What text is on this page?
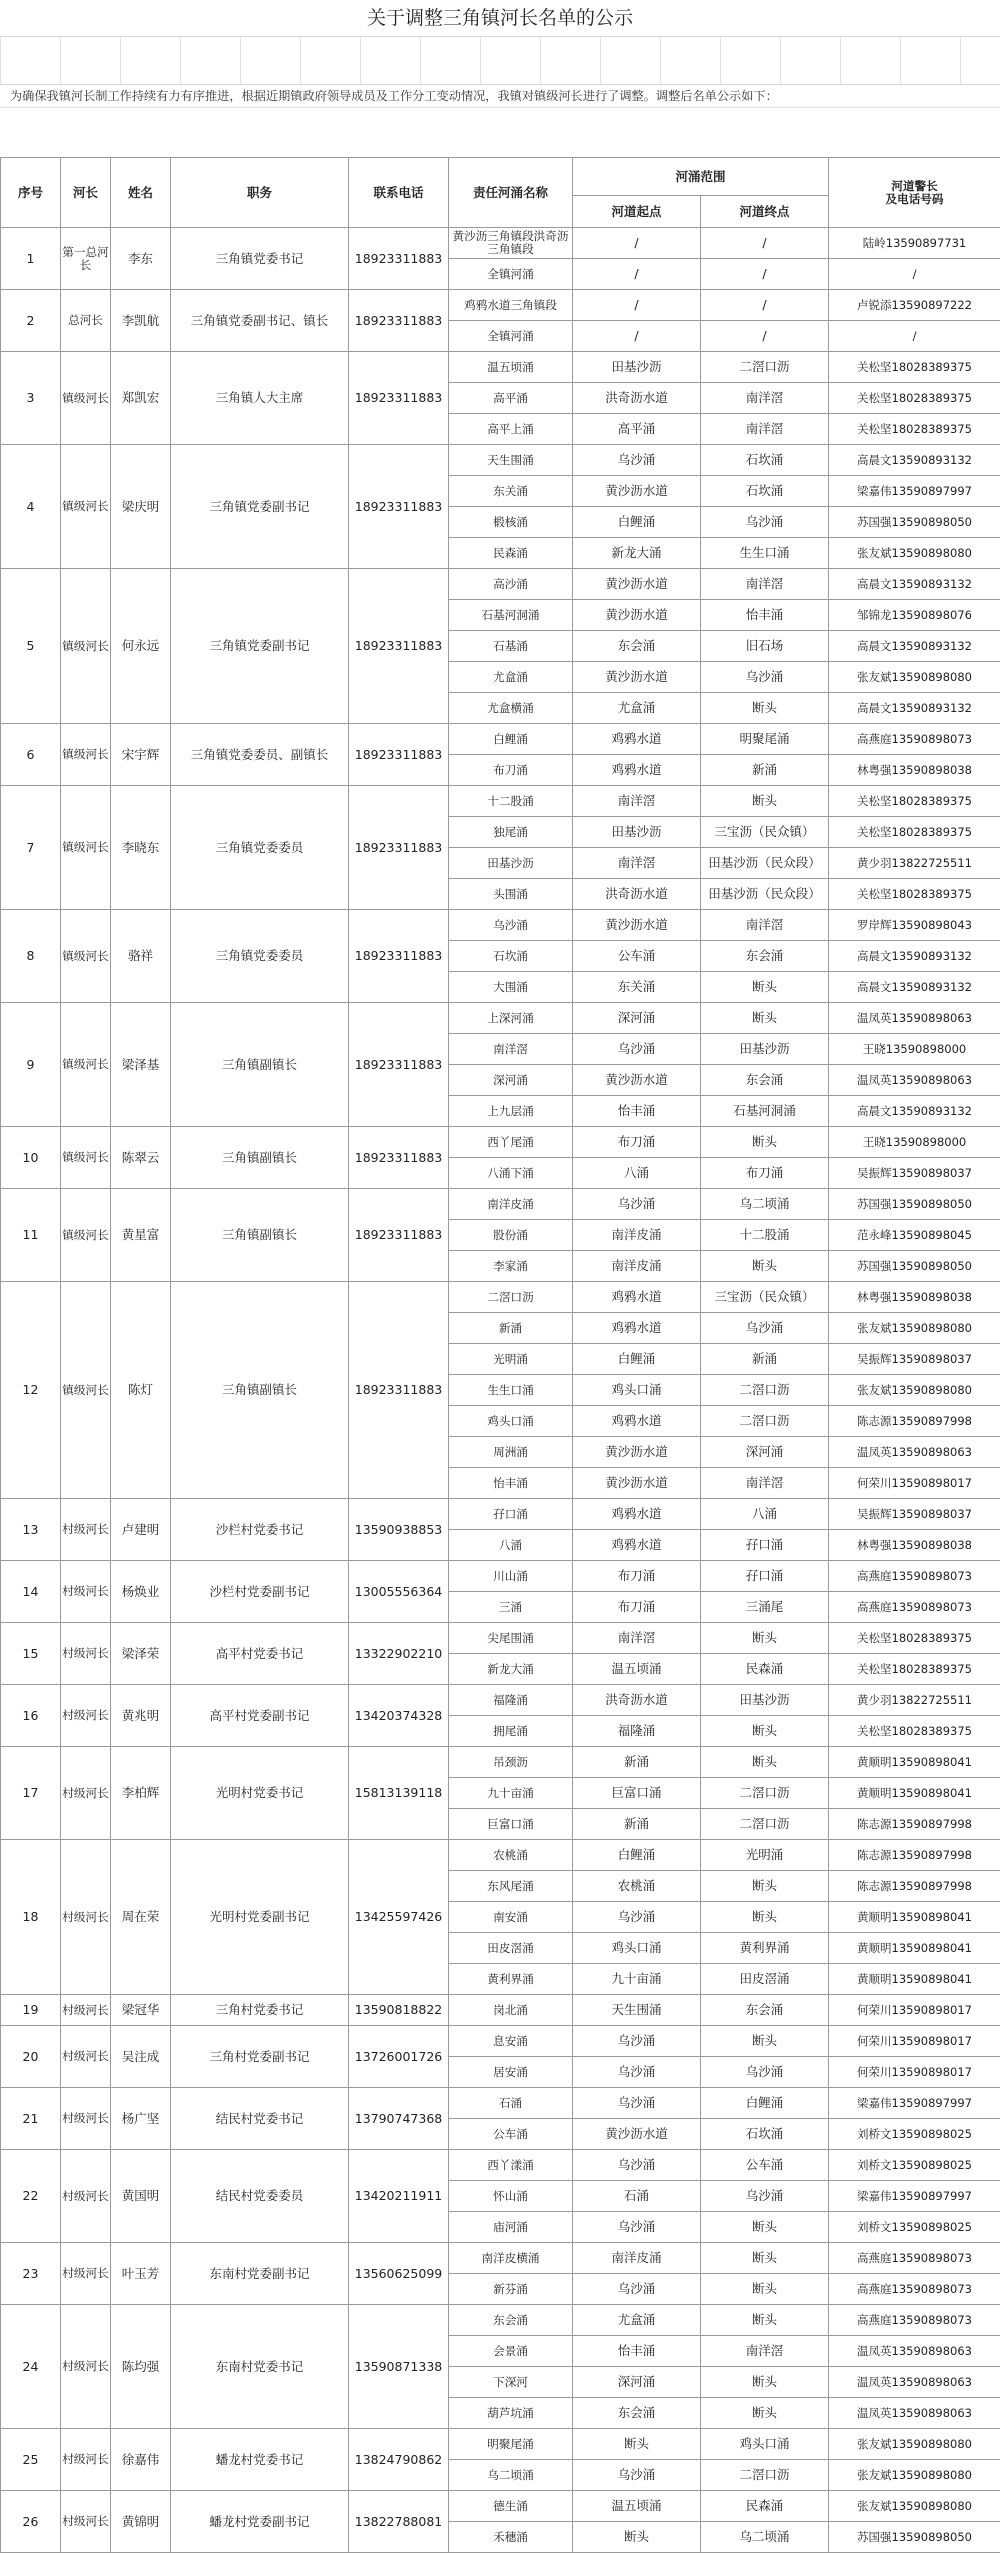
关于调整三角镇河长名单的公示
为确保我镇河长制工作持续有力有序推进，根据近期镇政府领导成员及工作分工变动情况，我镇对镇级河长进行了调整。调整后名单公示如下：
序号	河长	姓名	职务	联系电话	责任河涌名称	河涌范围		河道警长
及电话号码
						河道起点	河道终点	
1	第一总河长	李东	三角镇党委书记	18923311883	黄沙沥三角镇段洪奇沥三角镇段	/	/	陆岭13590897731
					全镇河涌	/	/	/
2	总河长	李凯航	三角镇党委副书记、镇长	18923311883	鸡鸦水道三角镇段	/	/	卢锐添13590897222
					全镇河涌	/	/	/
3	镇级河长	郑凯宏	三角镇人大主席	18923311883	温五顷涌	田基沙沥	二滘口沥	关松坚18028389375
					高平涌	洪奇沥水道	南洋滘	关松坚18028389375
					高平上涌	高平涌	南洋滘	关松坚18028389375
4	镇级河长	梁庆明	三角镇党委副书记	18923311883	天生围涌	乌沙涌	石坎涌	高晨文13590893132
					东关涌	黄沙沥水道	石坎涌	梁嘉伟13590897997
					椴核涌	白鲤涌	乌沙涌	苏国强13590898050
					民森涌	新龙大涌	生生口涌	张友斌13590898080
5	镇级河长	何永远	三角镇党委副书记	18923311883	高沙涌	黄沙沥水道	南洋滘	高晨文13590893132
					石基河洞涌	黄沙沥水道	怡丰涌	邹锦龙13590898076
					石基涌	东会涌	旧石场	高晨文13590893132
					尤盒涌	黄沙沥水道	乌沙涌	张友斌13590898080
					尤盒横涌	尤盒涌	断头	高晨文13590893132
6	镇级河长	宋宇辉	三角镇党委委员、副镇长	18923311883	白鲤涌	鸡鸦水道	明聚尾涌	高燕庭13590898073
					布刀涌	鸡鸦水道	新涌	林粤强13590898038
7	镇级河长	李晓东	三角镇党委委员	18923311883	十二股涌	南洋滘	断头	关松坚18028389375
					独尾涌	田基沙沥	三宝沥（民众镇）	关松坚18028389375
					田基沙沥	南洋滘	田基沙沥（民众段）	黄少羽13822725511
					头围涌	洪奇沥水道	田基沙沥（民众段）	关松坚18028389375
8	镇级河长	骆祥	三角镇党委委员	18923311883	乌沙涌	黄沙沥水道	南洋滘	罗岸辉13590898043
					石坎涌	公车涌	东会涌	高晨文13590893132
					大围涌	东关涌	断头	高晨文13590893132
9	镇级河长	梁泽基	三角镇副镇长	18923311883	上深河涌	深河涌	断头	温凤英13590898063
					南洋滘	乌沙涌	田基沙沥	王晓13590898000
					深河涌	黄沙沥水道	东会涌	温凤英13590898063
					上九层涌	怡丰涌	石基河洞涌	高晨文13590893132
10	镇级河长	陈翠云	三角镇副镇长	18923311883	西丫尾涌	布刀涌	断头	王晓13590898000
					八涌下涌	八涌	布刀涌	吴振辉13590898037
11	镇级河长	黄星富	三角镇副镇长	18923311883	南洋皮涌	乌沙涌	乌二顷涌	苏国强13590898050
					股份涌	南洋皮涌	十二股涌	范永峰13590898045
					李家涌	南洋皮涌	断头	苏国强13590898050
12	镇级河长	陈灯	三角镇副镇长	18923311883	二滘口沥	鸡鸦水道	三宝沥（民众镇）	林粤强13590898038
					新涌	鸡鸦水道	乌沙涌	张友斌13590898080
					光明涌	白鲤涌	新涌	吴振辉13590898037
					生生口涌	鸡头口涌	二滘口沥	张友斌13590898080
					鸡头口涌	鸡鸦水道	二滘口沥	陈志源13590897998
					周洲涌	黄沙沥水道	深河涌	温凤英13590898063
					怡丰涌	黄沙沥水道	南洋滘	何荣川13590898017
13	村级河长	卢建明	沙栏村党委书记	13590938853	孖口涌	鸡鸦水道	八涌	吴振辉13590898037
					八涌	鸡鸦水道	孖口涌	林粤强13590898038
14	村级河长	杨焕业	沙栏村党委副书记	13005556364	川山涌	布刀涌	孖口涌	高燕庭13590898073
					三涌	布刀涌	三涌尾	高燕庭13590898073
15	村级河长	梁泽荣	高平村党委书记	13322902210	尖尾围涌	南洋滘	断头	关松坚18028389375
					新龙大涌	温五顷涌	民森涌	关松坚18028389375
16	村级河长	黄兆明	高平村党委副书记	13420374328	福隆涌	洪奇沥水道	田基沙沥	黄少羽13822725511
					拥尾涌	福隆涌	断头	关松坚18028389375
17	村级河长	李柏辉	光明村党委书记	15813139118	吊颈沥	新涌	断头	黄顺明13590898041
					九十亩涌	巨富口涌	二滘口沥	黄顺明13590898041
					巨富口涌	新涌	二滘口沥	陈志源13590897998
18	村级河长	周在荣	光明村党委副书记	13425597426	农桃涌	白鲤涌	光明涌	陈志源13590897998
					东风尾涌	农桃涌	断头	陈志源13590897998
					南安涌	乌沙涌	断头	黄顺明13590898041
					田皮滘涌	鸡头口涌	黄利界涌	黄顺明13590898041
					黄利界涌	九十亩涌	田皮滘涌	黄顺明13590898041
19	村级河长	梁冠华	三角村党委书记	13590818822	岗北涌	天生围涌	东会涌	何荣川13590898017
20	村级河长	吴注成	三角村党委副书记	13726001726	息安涌	乌沙涌	断头	何荣川13590898017
					居安涌	乌沙涌	乌沙涌	何荣川13590898017
21	村级河长	杨广坚	结民村党委书记	13790747368	石涌	乌沙涌	白鲤涌	梁嘉伟13590897997
					公车涌	黄沙沥水道	石坎涌	刘桥文13590898025
22	村级河长	黄国明	结民村党委委员	13420211911	西丫漾涌	乌沙涌	公车涌	刘桥文13590898025
					怀山涌	石涌	乌沙涌	梁嘉伟13590897997
					庙河涌	乌沙涌	断头	刘桥文13590898025
23	村级河长	叶玉芳	东南村党委副书记	13560625099	南洋皮横涌	南洋皮涌	断头	高燕庭13590898073
					新芬涌	乌沙涌	断头	高燕庭13590898073
24	村级河长	陈均强	东南村党委书记	13590871338	东会涌	尤盒涌	断头	高燕庭13590898073
					会景涌	怡丰涌	南洋滘	温凤英13590898063
					下深河	深河涌	断头	温凤英13590898063
					葫芦坑涌	东会涌	断头	温凤英13590898063
25	村级河长	徐嘉伟	蟠龙村党委书记	13824790862	明聚尾涌	断头	鸡头口涌	张友斌13590898080
					乌二顷涌	乌沙涌	二滘口沥	张友斌13590898080
26	村级河长	黄锦明	蟠龙村党委副书记	13822788081	德生涌	温五顷涌	民森涌	张友斌13590898080
					禾穗涌	断头	乌二顷涌	苏国强13590898050
